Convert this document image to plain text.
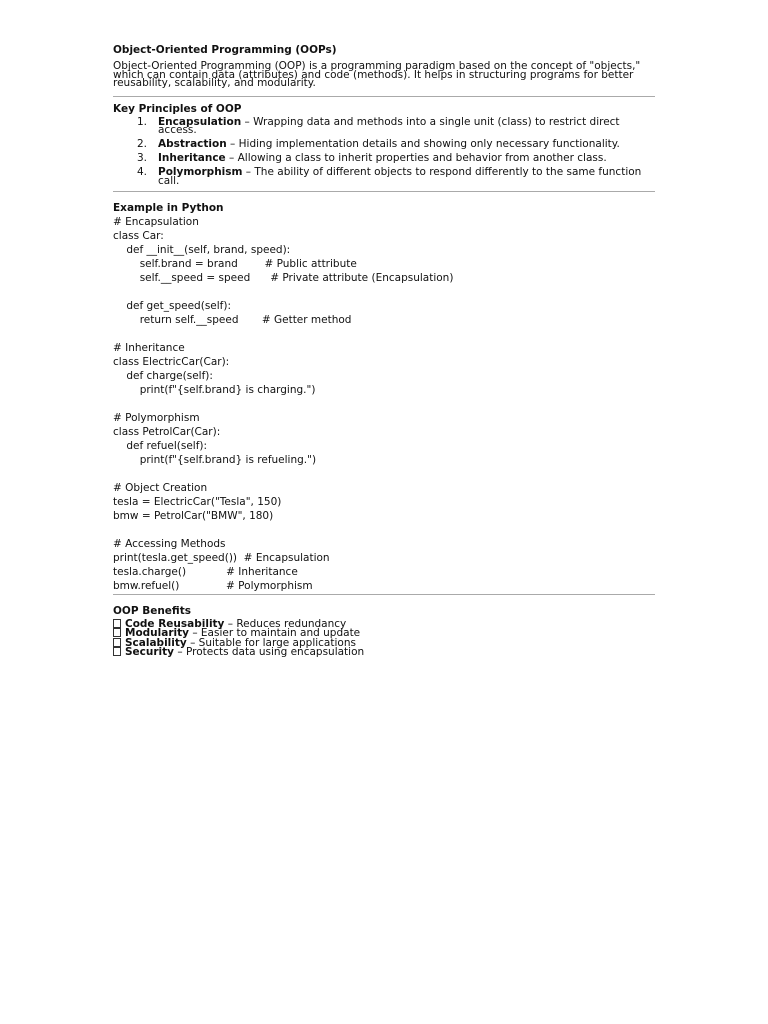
Object-Oriented Programming (OOPs)
Object-Oriented Programming (OOP) is a programming paradigm based on the concept of "objects," which can contain data (attributes) and code (methods). It helps in structuring programs for better reusability, scalability, and modularity.
Key Principles of OOP
1. Encapsulation – Wrapping data and methods into a single unit (class) to restrict direct access.
2. Abstraction – Hiding implementation details and showing only necessary functionality.
3. Inheritance – Allowing a class to inherit properties and behavior from another class.
4. Polymorphism – The ability of different objects to respond differently to the same function call.
Example in Python
# Encapsulation
class Car:
def __init__(self, brand, speed):
self.brand = brand        # Public attribute
self.__speed = speed      # Private attribute (Encapsulation)
def get_speed(self):
return self.__speed       # Getter method
# Inheritance
class ElectricCar(Car):
def charge(self):
print(f"{self.brand} is charging.")
# Polymorphism
class PetrolCar(Car):
def refuel(self):
print(f"{self.brand} is refueling.")
# Object Creation
tesla = ElectricCar("Tesla", 150)
bmw = PetrolCar("BMW", 180)
# Accessing Methods
print(tesla.get_speed())  # Encapsulation
tesla.charge()            # Inheritance
bmw.refuel()              # Polymorphism
OOP Benefits
Code Reusability – Reduces redundancy
Modularity – Easier to maintain and update
Scalability – Suitable for large applications
Security – Protects data using encapsulation
